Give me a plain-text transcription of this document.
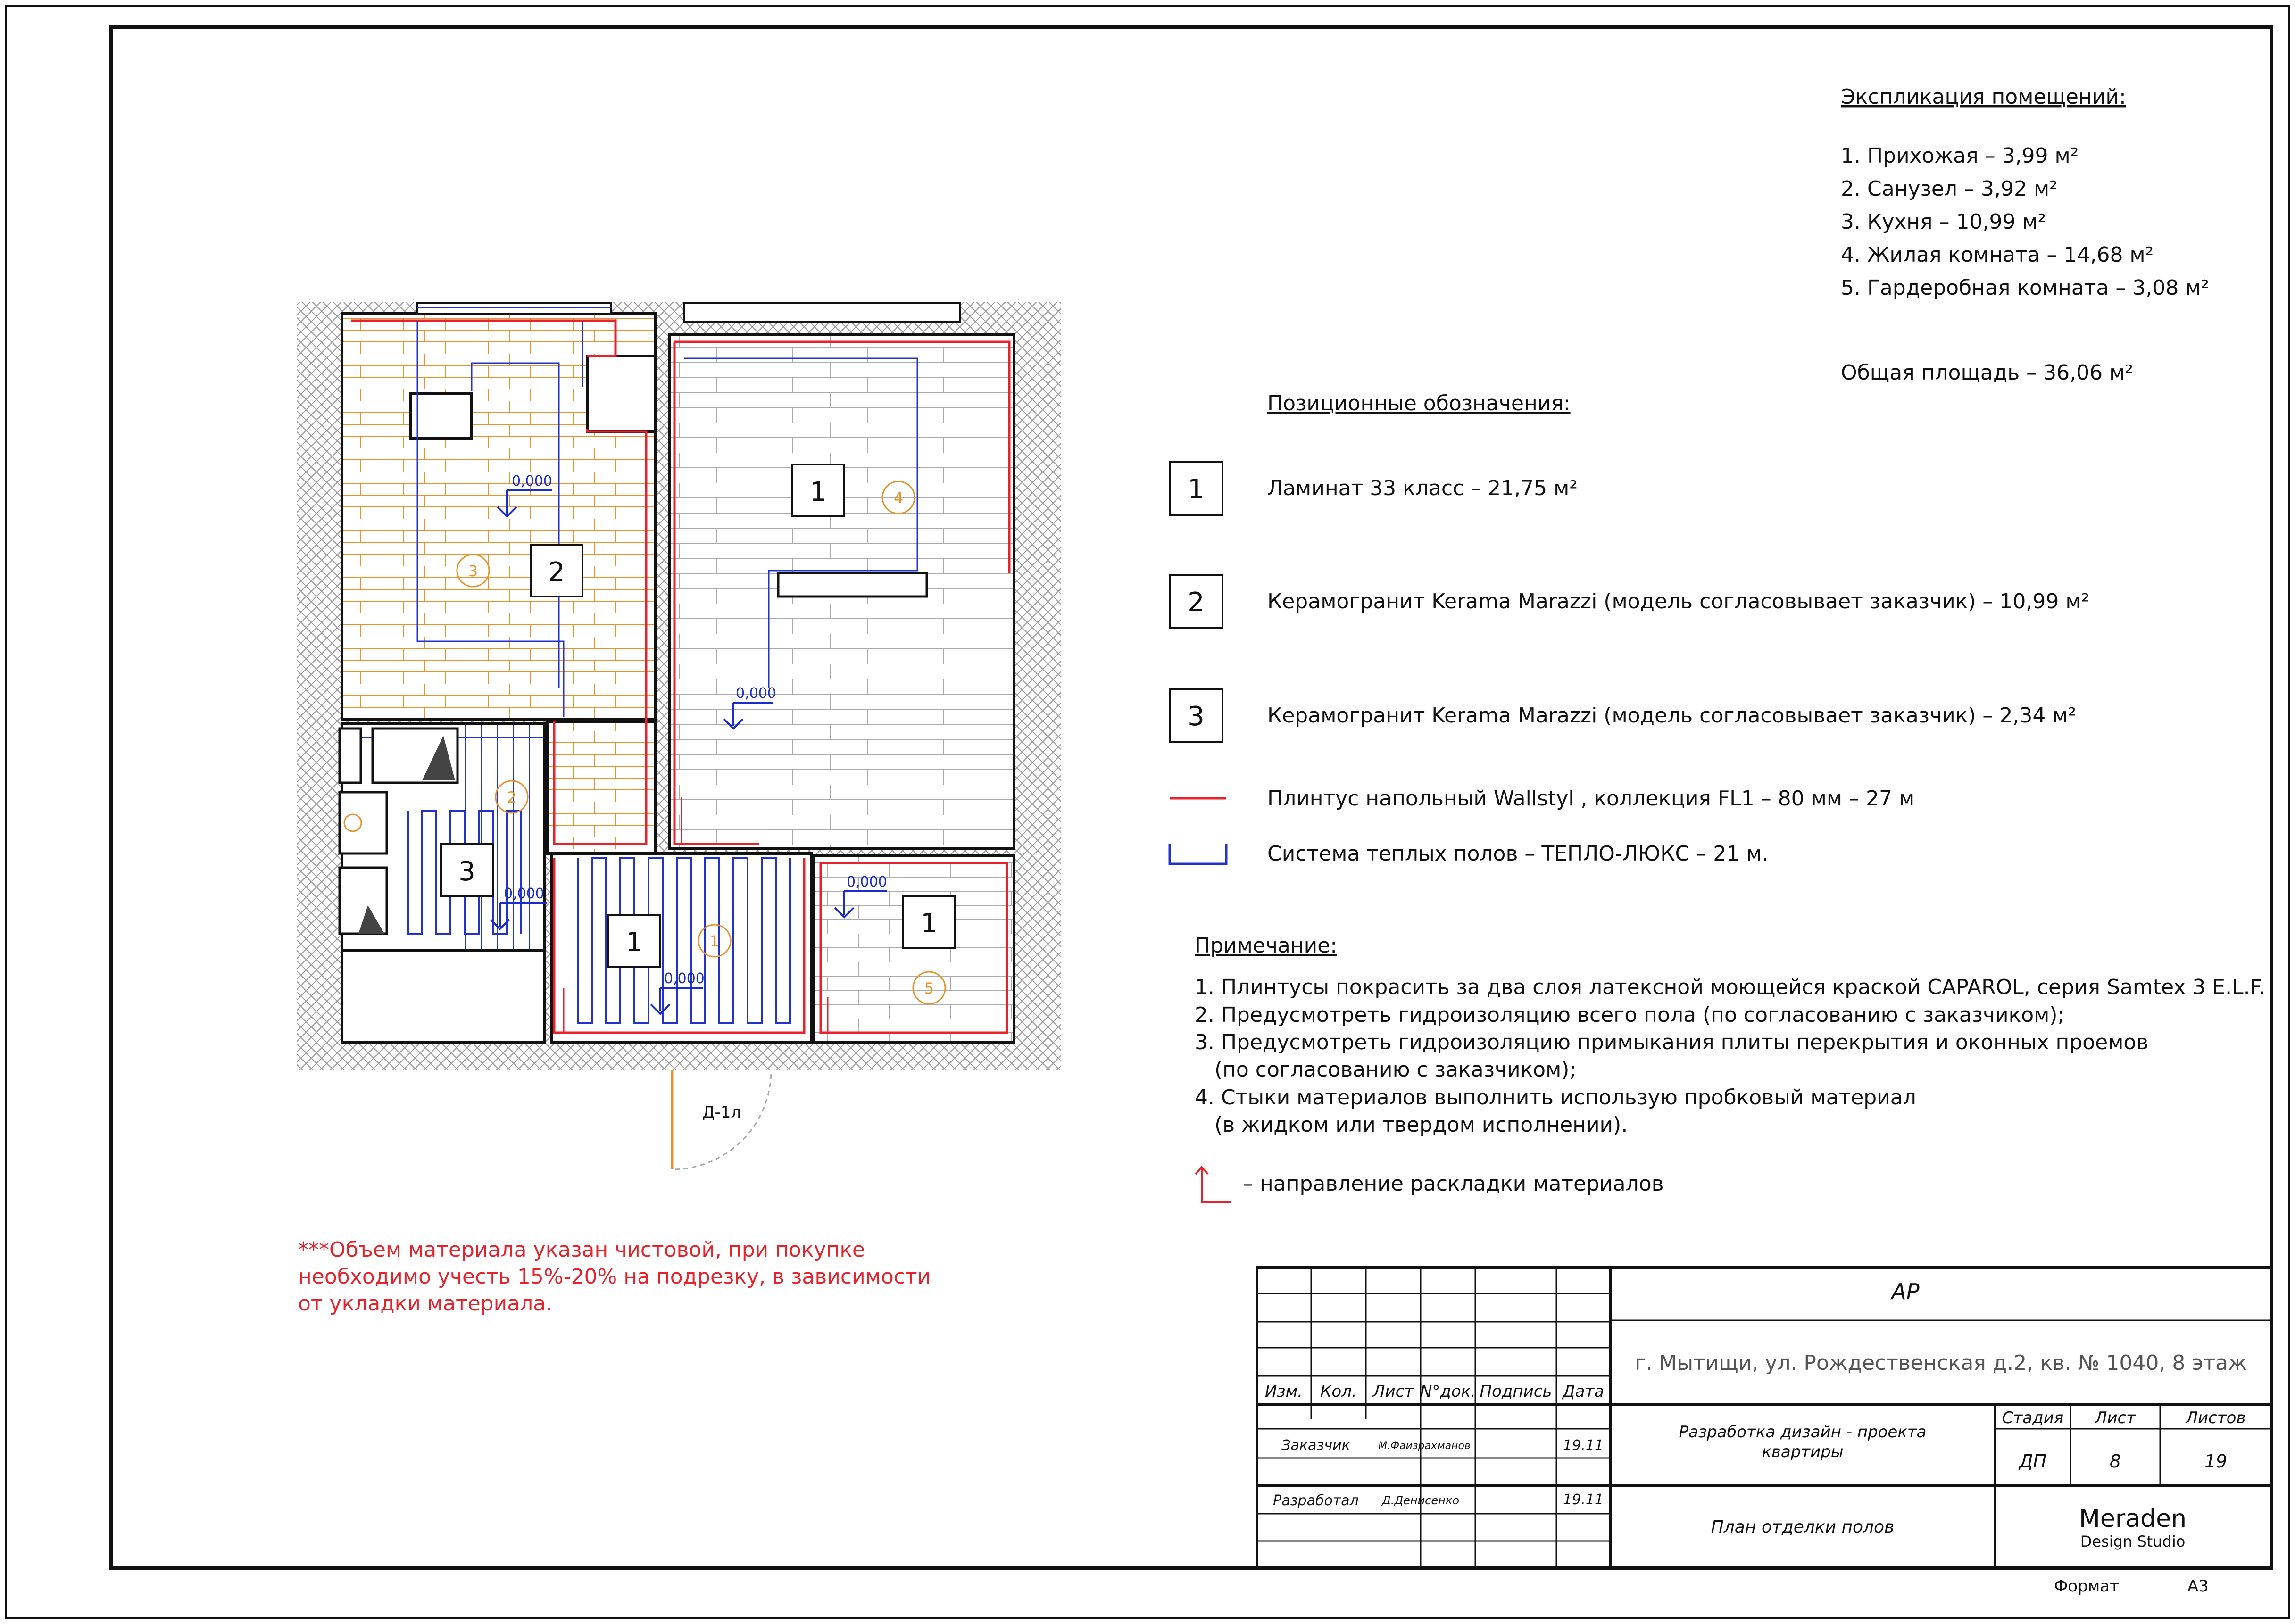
1
2
3
1
1
3
4
2
1
5
0,000
0,000
0,000
0,000
0,000
Д-1л
Экспликация помещений:
1. Прихожая – 3,99 м²
2. Санузел – 3,92 м²
3. Кухня – 10,99 м²
4. Жилая комната – 14,68 м²
5. Гардеробная комната – 3,08 м²
Общая площадь – 36,06 м²
Позиционные обозначения:
1	Ламинат 33 класс – 21,75 м²
2	Керамогранит Kerama Marazzi (модель согласовывает заказчик) – 10,99 м²
3	Керамогранит Kerama Marazzi (модель согласовывает заказчик) – 2,34 м²
Плинтус напольный Wallstyl , коллекция FL1 – 80 мм – 27 м
Система теплых полов – ТЕПЛО-ЛЮКС – 21 м.
Примечание:
1. Плинтусы покрасить за два слоя латексной моющейся краской CAPAROL, серия Samtex 3 E.L.F.
2. Предусмотреть гидроизоляцию всего пола (по согласованию с заказчиком);
3. Предусмотреть гидроизоляцию примыкания плиты перекрытия и оконных проемов
(по согласованию с заказчиком);
4. Стыки материалов выполнить использую пробковый материал
(в жидком или твердом исполнении).
– направление раскладки материалов
***Объем материала указан чистовой, при покупке
необходимо учесть 15%-20% на подрезку, в зависимости
от укладки материала.	АР
г. Мытищи, ул. Рождественская д.2, кв. № 1040, 8 этаж
Изм. Кол. Лист N°док. Подпись Дата
Заказчик	М.Фаизрахманов	19.11
Разработал Д.Денисенко	19.11
Разработка дизайн - проекта
квартиры
План отделки полов
Стадия Лист	Листов
ДП	8	19
Meraden
Design Studio
Формат	А3
